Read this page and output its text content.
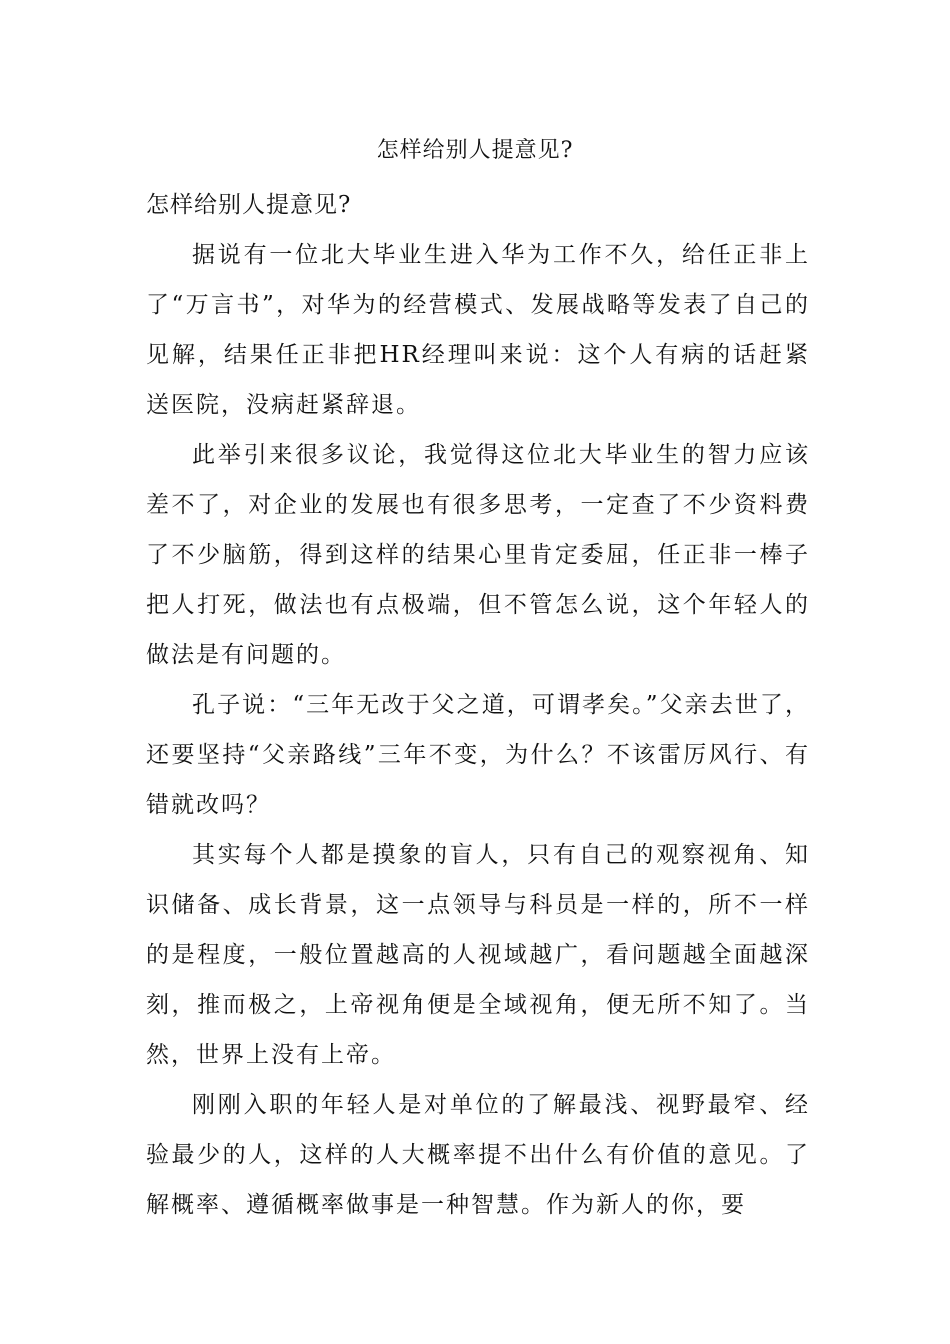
怎样给别人提意见?

怎样给别人提意见?

据说有一位北大毕业生进入华为工作不久，给任正非上了“万言书”，对华为的经营模式、发展战略等发表了自己的见解，结果任正非把HR经理叫来说：这个人有病的话赶紧送医院，没病赶紧辞退。

此举引来很多议论，我觉得这位北大毕业生的智力应该差不了，对企业的发展也有很多思考，一定查了不少资料费了不少脑筋，得到这样的结果心里肯定委屈，任正非一棒子把人打死，做法也有点极端，但不管怎么说，这个年轻人的做法是有问题的。

孔子说：“三年无改于父之道，可谓孝矣。”父亲去世了，还要坚持“父亲路线”三年不变，为什么？不该雷厉风行、有错就改吗？

其实每个人都是摸象的盲人，只有自己的观察视角、知识储备、成长背景，这一点领导与科员是一样的，所不一样的是程度，一般位置越高的人视域越广，看问题越全面越深刻，推而极之，上帝视角便是全域视角，便无所不知了。当然，世界上没有上帝。

刚刚入职的年轻人是对单位的了解最浅、视野最窄、经验最少的人，这样的人大概率提不出什么有价值的意见。了解概率、遵循概率做事是一种智慧。作为新人的你，要
